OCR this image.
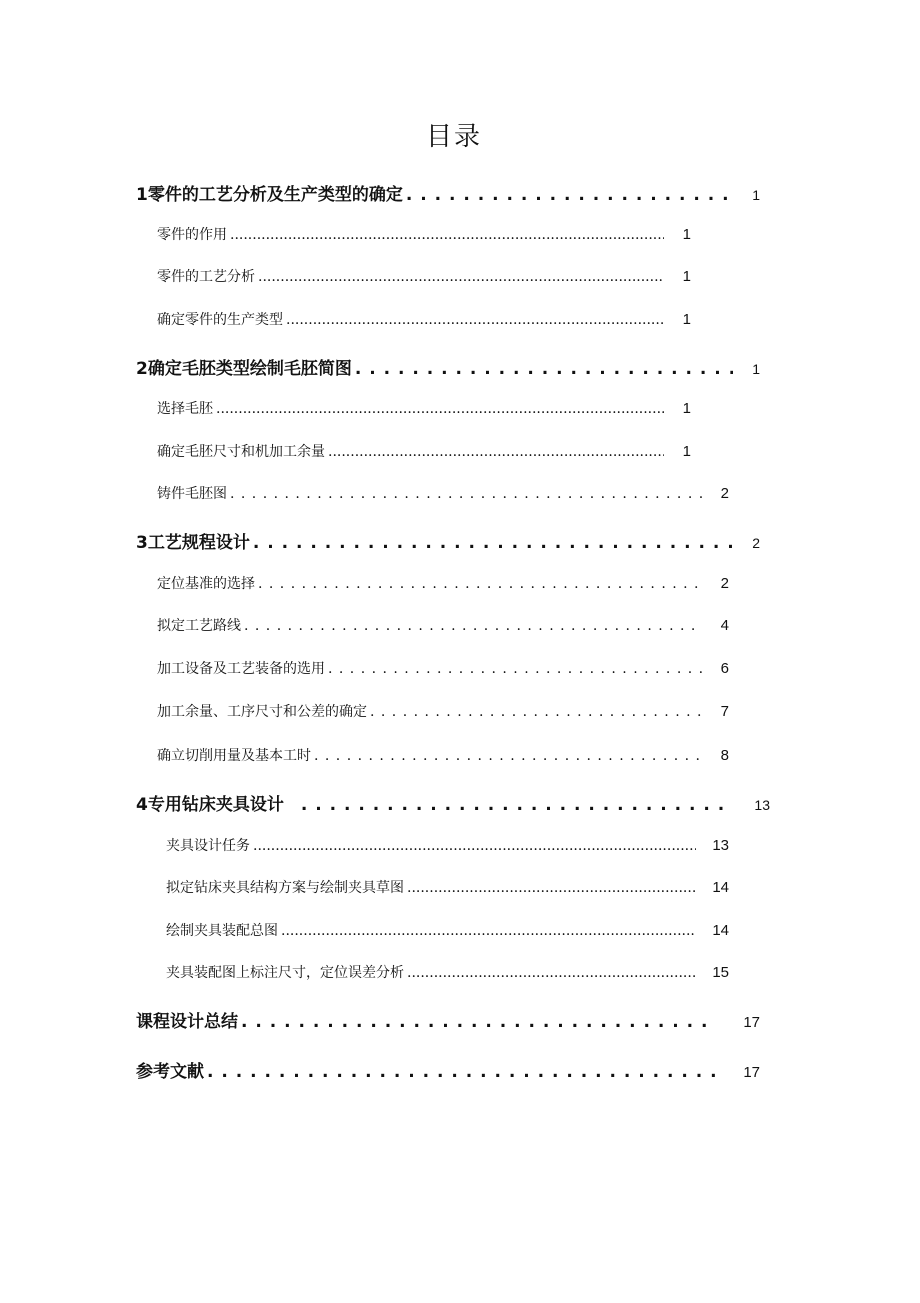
目录
1零件的工艺分析及生产类型的确定 . . .	1
零件的作用 .....	1
零件的工艺分析 .....	1
确定零件的生产类型 .....	1
2确定毛胚类型绘制毛胚简图 . . .	1
选择毛胚 .....	1
确定毛胚尺寸和机加工余量 .....	1
铸件毛胚图 . . .	2
3工艺规程设计 . . .	2
定位基准的选择 . . .	2
拟定工艺路线 . . .	4
加工设备及工艺装备的选用 . . .	6
加工余量、工序尺寸和公差的确定 . . .	7
确立切削用量及基本工时 . . .	8
4专用钻床夹具设计 . . .	13
夹具设计任务 .....	13
拟定钻床夹具结构方案与绘制夹具草图 .....	14
绘制夹具装配总图 .....	14
夹具装配图上标注尺寸，定位误差分析 .....	15
课程设计总结 . . .	17
参考文献 . . .	17
